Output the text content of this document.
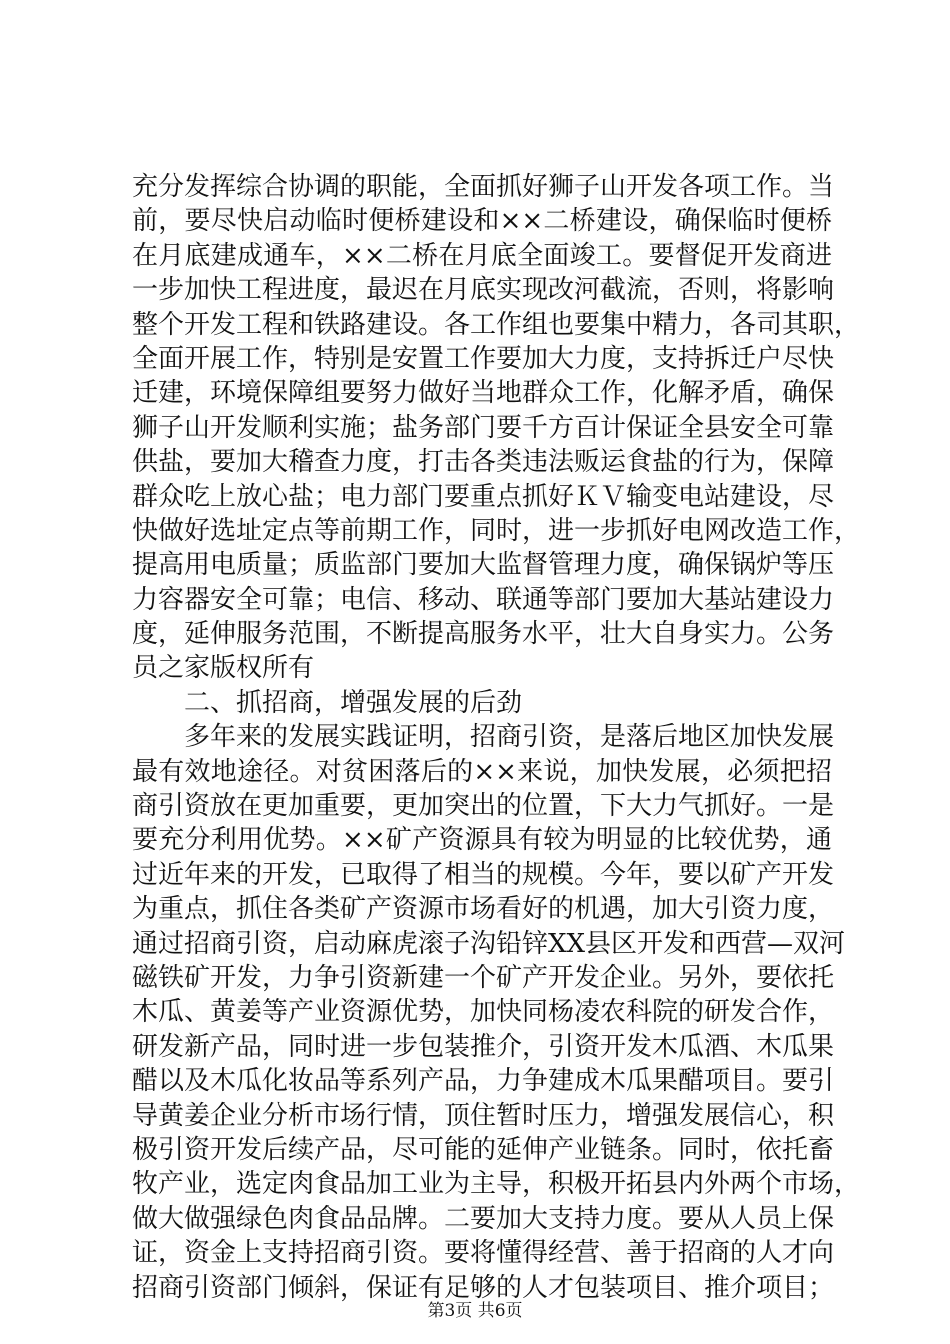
充分发挥综合协调的职能，全面抓好狮子山开发各项工作。当
前，要尽快启动临时便桥建设和××二桥建设，确保临时便桥
在月底建成通车，××二桥在月底全面竣工。要督促开发商进
一步加快工程进度，最迟在月底实现改河截流，否则，将影响
整个开发工程和铁路建设。各工作组也要集中精力，各司其职，
全面开展工作，特别是安置工作要加大力度，支持拆迁户尽快
迁建，环境保障组要努力做好当地群众工作，化解矛盾，确保
狮子山开发顺利实施；盐务部门要千方百计保证全县安全可靠
供盐，要加大稽查力度，打击各类违法贩运食盐的行为，保障
群众吃上放心盐；电力部门要重点抓好ＫＶ输变电站建设，尽
快做好选址定点等前期工作，同时，进一步抓好电网改造工作，
提高用电质量；质监部门要加大监督管理力度，确保锅炉等压
力容器安全可靠；电信、移动、联通等部门要加大基站建设力
度，延伸服务范围，不断提高服务水平，壮大自身实力。公务
员之家版权所有
二、抓招商，增强发展的后劲
多年来的发展实践证明，招商引资，是落后地区加快发展
最有效地途径。对贫困落后的××来说，加快发展，必须把招
商引资放在更加重要，更加突出的位置，下大力气抓好。一是
要充分利用优势。××矿产资源具有较为明显的比较优势，通
过近年来的开发，已取得了相当的规模。今年，要以矿产开发
为重点，抓住各类矿产资源市场看好的机遇，加大引资力度，
通过招商引资，启动麻虎滚子沟铅锌XX县区开发和西营—双河
磁铁矿开发，力争引资新建一个矿产开发企业。另外，要依托
木瓜、黄姜等产业资源优势，加快同杨凌农科院的研发合作，
研发新产品，同时进一步包装推介，引资开发木瓜酒、木瓜果
醋以及木瓜化妆品等系列产品，力争建成木瓜果醋项目。要引
导黄姜企业分析市场行情，顶住暂时压力，增强发展信心，积
极引资开发后续产品，尽可能的延伸产业链条。同时，依托畜
牧产业，选定肉食品加工业为主导，积极开拓县内外两个市场，
做大做强绿色肉食品品牌。二要加大支持力度。要从人员上保
证，资金上支持招商引资。要将懂得经营、善于招商的人才向
招商引资部门倾斜，保证有足够的人才包装项目、推介项目；
第3页 共6页
